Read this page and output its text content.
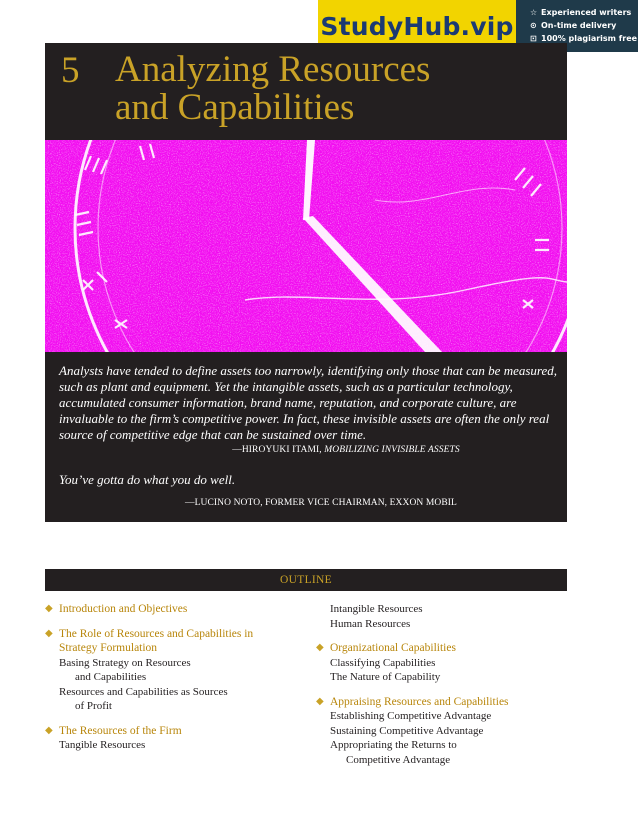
StudyHub.vip ☆ Experienced writers
⊙ On-time delivery
⊡ 100% plagiarism free
5 Analyzing Resources
and Capabilities
Analysts have tended to define assets too narrowly, identifying only those that can be measured, such as plant and equipment. Yet the intangible assets, such as a particular technology, accumulated consumer information, brand name, reputation, and corporate culture, are invaluable to the firm’s competitive power. In fact, these invisible assets are often the only real source of competitive edge that can be sustained over time.
—HIROYUKI ITAMI, MOBILIZING INVISIBLE ASSETS
You’ve gotta do what you do well.
—LUCINO NOTO, FORMER VICE CHAIRMAN, EXXON MOBIL
OUTLINE
◆ Introduction and Objectives
◆ The Role of Resources and Capabilities in
Strategy Formulation
Basing Strategy on Resources
and Capabilities
Resources and Capabilities as Sources
of Profit
◆ The Resources of the Firm
Tangible Resources
Intangible Resources
Human Resources
◆ Organizational Capabilities
Classifying Capabilities
The Nature of Capability
◆ Appraising Resources and Capabilities
Establishing Competitive Advantage
Sustaining Competitive Advantage
Appropriating the Returns to
Competitive Advantage
